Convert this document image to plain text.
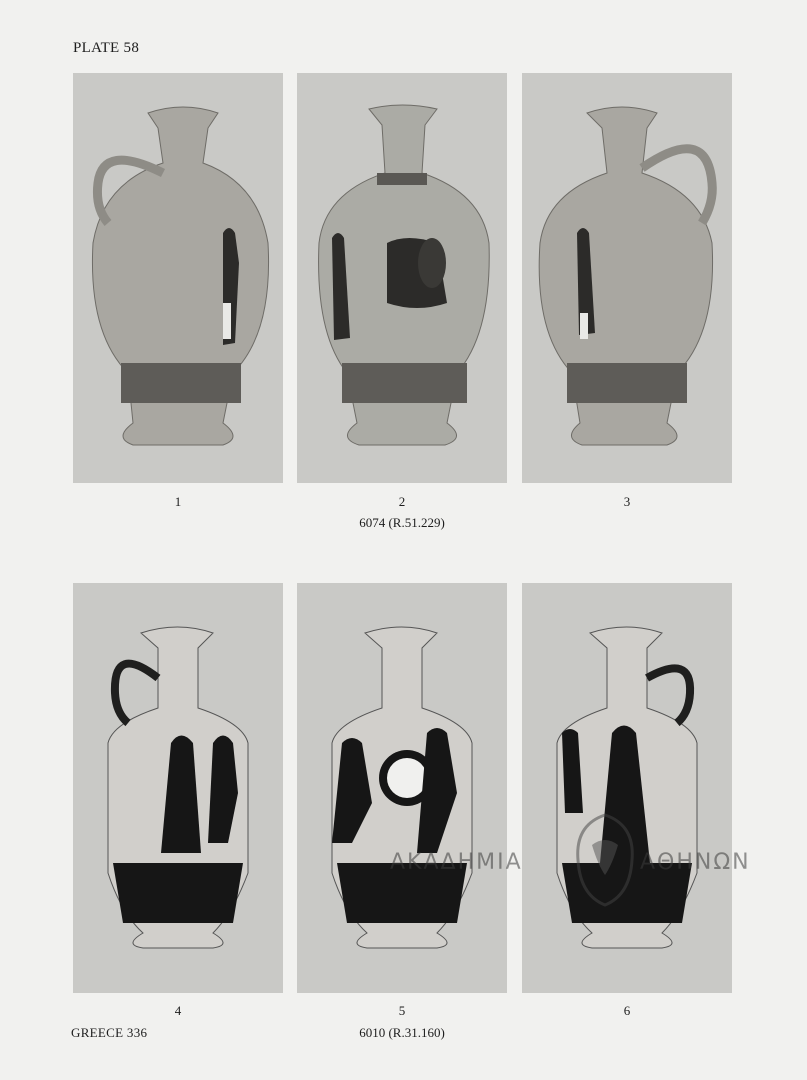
PLATE 58
1	2	3
6074 (R.51.229)
4	5	6
6010 (R.31.160)
GREECE 336
ΑΚΑΔΗΜΙΑ	ΑΘΗΝΩΝ
